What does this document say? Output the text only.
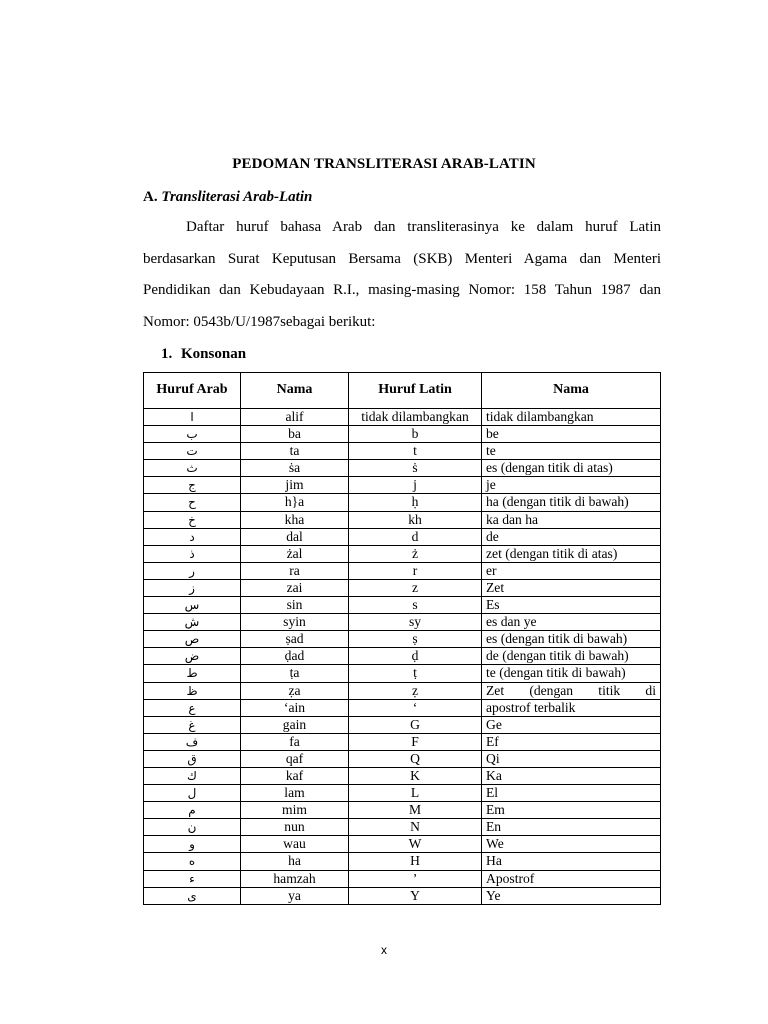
PEDOMAN TRANSLITERASI ARAB-LATIN

A. Transliterasi Arab-Latin

Daftar huruf bahasa Arab dan transliterasinya ke dalam huruf Latin berdasarkan Surat Keputusan Bersama (SKB) Menteri Agama dan Menteri Pendidikan dan Kebudayaan R.I., masing-masing Nomor: 158 Tahun 1987 dan Nomor: 0543b/U/1987sebagai berikut:

1. Konsonan

Huruf Arab	Nama	Huruf Latin	Nama
ا	alif	tidak dilambangkan	tidak dilambangkan
ب	ba	b	be
ت	ta	t	te
ث	ṡa	ṡ	es (dengan titik di atas)
ج	jim	j	je
ح	h}a	ḥ	ha (dengan titik di bawah)
خ	kha	kh	ka dan ha
د	dal	d	de
ذ	żal	ż	zet (dengan titik di atas)
ر	ra	r	er
ز	zai	z	Zet
س	sin	s	Es
ش	syin	sy	es dan ye
ص	ṣad	ṣ	es (dengan titik di bawah)
ض	ḍad	ḍ	de (dengan titik di bawah)
ط	ṭa	ṭ	te (dengan titik di bawah)
ظ	ẓa	ẓ	Zet (dengan titik di
ع	‘ain	‘	apostrof terbalik
غ	gain	G	Ge
ف	fa	F	Ef
ق	qaf	Q	Qi
ك	kaf	K	Ka
ل	lam	L	El
م	mim	M	Em
ن	nun	N	En
و	wau	W	We
ه	ha	H	Ha
ء	hamzah	’	Apostrof
ى	ya	Y	Ye
x
